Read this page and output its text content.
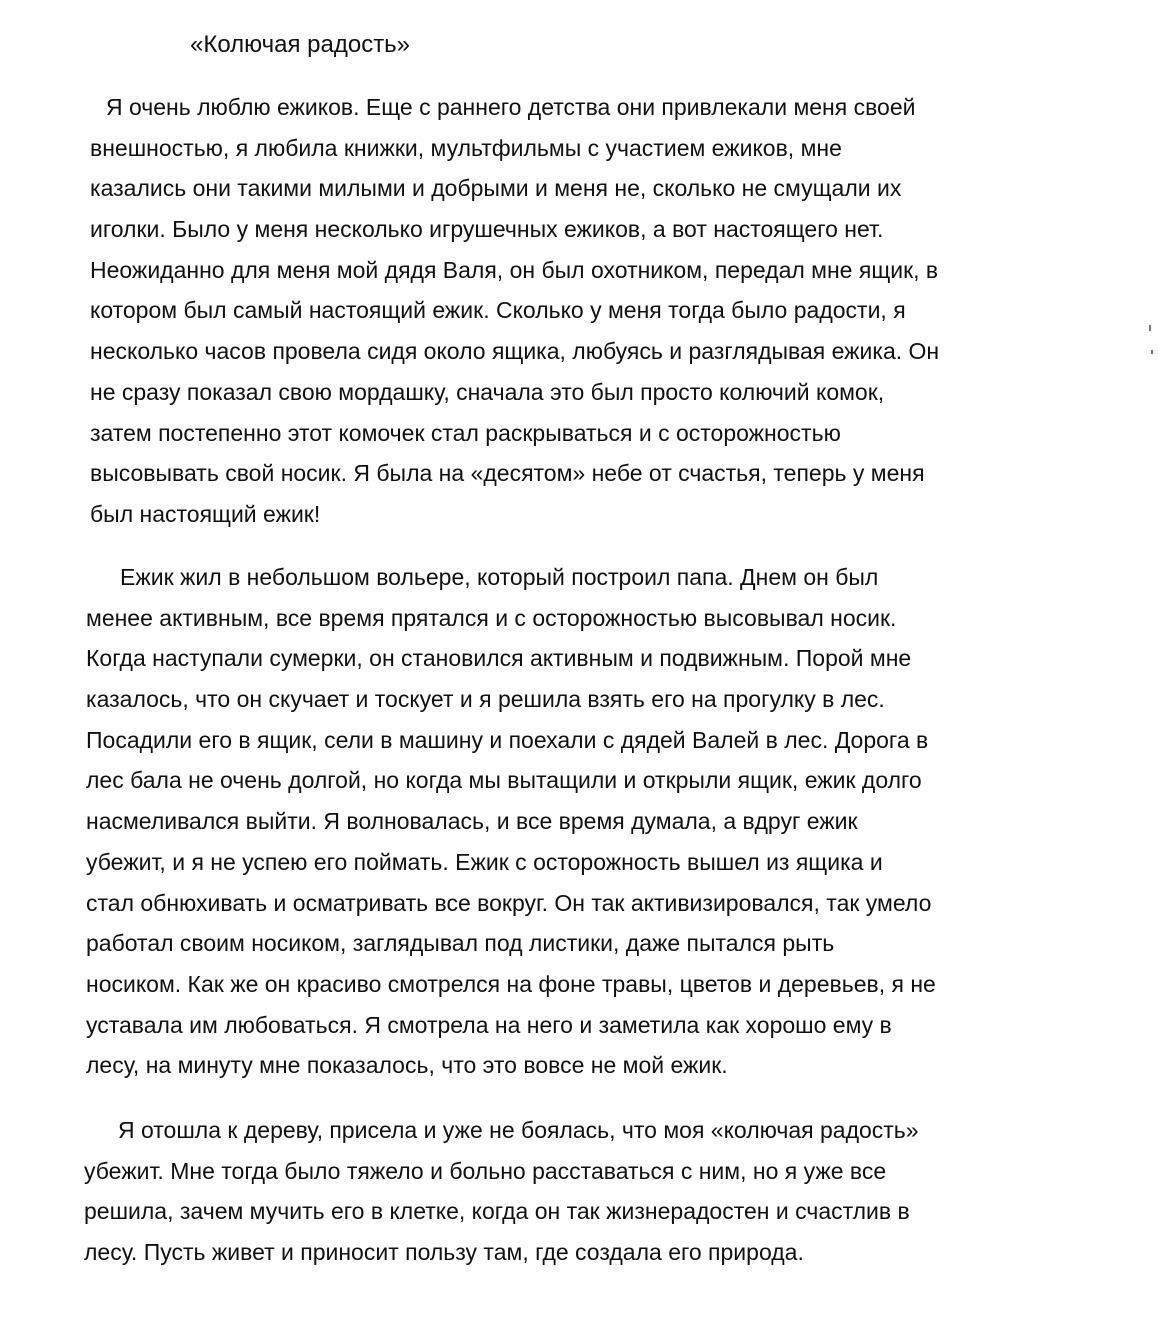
«Колючая радость»

Я очень люблю ежиков. Еще с раннего детства они привлекали меня своей
внешностью, я любила книжки, мультфильмы с участием ежиков, мне
казались они такими милыми и добрыми и меня не, сколько не смущали их
иголки. Было у меня несколько игрушечных ежиков, а вот настоящего нет.
Неожиданно для меня мой дядя Валя, он был охотником, передал мне ящик, в
котором был самый настоящий ежик. Сколько у меня тогда было радости, я
несколько часов провела сидя около ящика, любуясь и разглядывая ежика. Он
не сразу показал свою мордашку, сначала это был просто колючий комок,
затем постепенно этот комочек стал раскрываться и с осторожностью
высовывать свой носик. Я была на «десятом» небе от счастья, теперь у меня
был настоящий ежик!

Ежик жил в небольшом вольере, который построил папа. Днем он был
менее активным, все время прятался и с осторожностью высовывал носик.
Когда наступали сумерки, он становился активным и подвижным. Порой мне
казалось, что он скучает и тоскует и я решила взять его на прогулку в лес.
Посадили его в ящик, сели в машину и поехали с дядей Валей в лес. Дорога в
лес бала не очень долгой, но когда мы вытащили и открыли ящик, ежик долго
насмеливался выйти. Я волновалась, и все время думала, а вдруг ежик
убежит, и я не успею его поймать. Ежик с осторожность вышел из ящика и
стал обнюхивать и осматривать все вокруг. Он так активизировался, так умело
работал своим носиком, заглядывал под листики, даже пытался рыть
носиком. Как же он красиво смотрелся на фоне травы, цветов и деревьев, я не
уставала им любоваться. Я смотрела на него и заметила как хорошо ему в
лесу, на минуту мне показалось, что это вовсе не мой ежик.

Я отошла к дереву, присела и уже не боялась, что моя «колючая радость»
убежит. Мне тогда было тяжело и больно расставаться с ним, но я уже все
решила, зачем мучить его в клетке, когда он так жизнерадостен и счастлив в
лесу. Пусть живет и приносит пользу там, где создала его природа.
